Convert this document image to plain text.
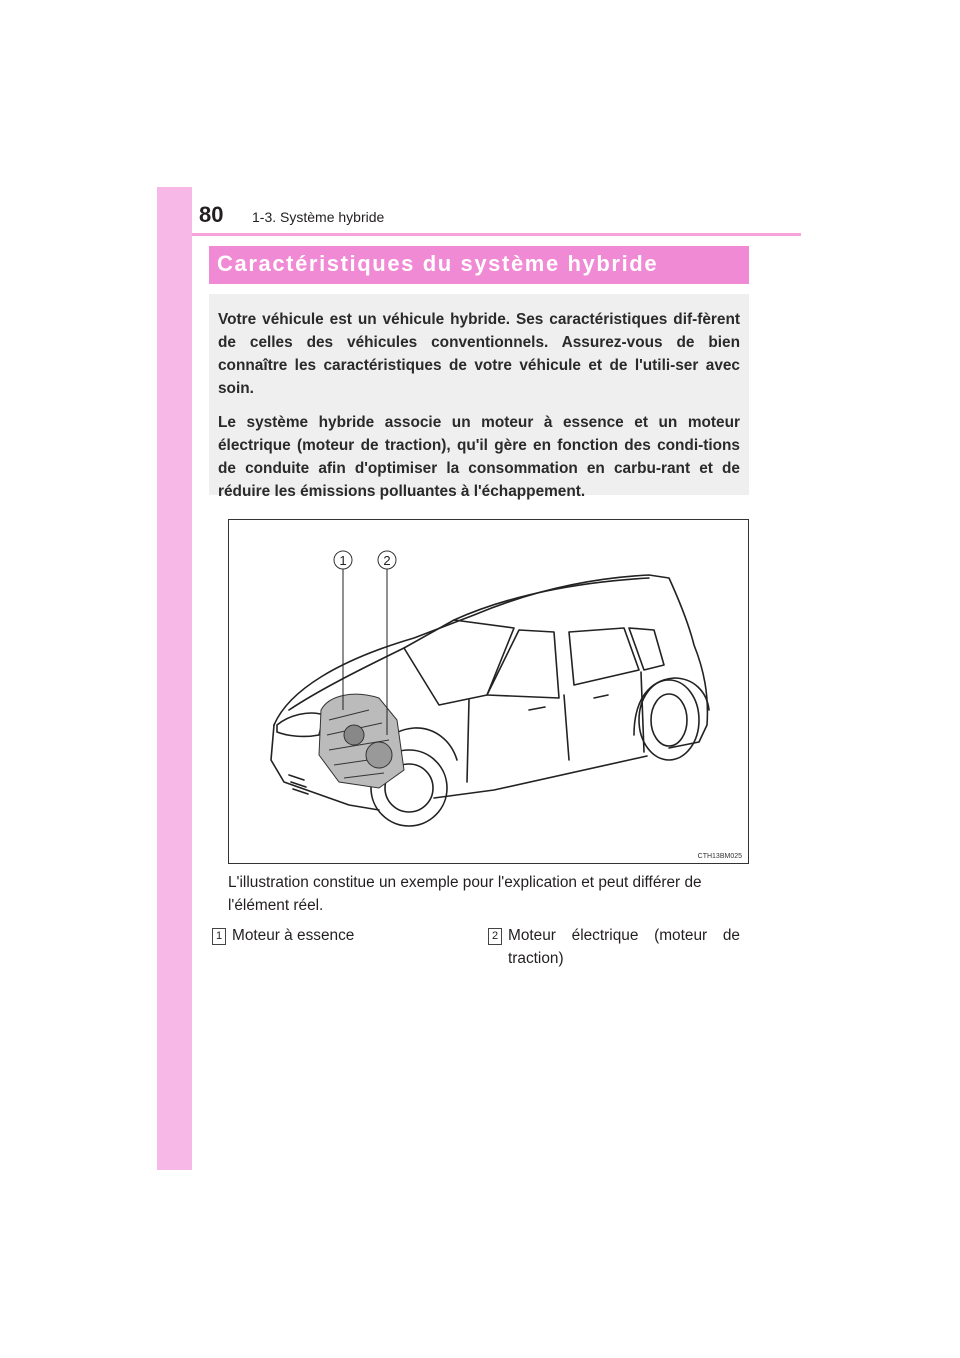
80 1-3. Système hybride
Caractéristiques du système hybride

Votre véhicule est un véhicule hybride. Ses caractéristiques dif-fèrent de celles des véhicules conventionnels. Assurez-vous de bien connaître les caractéristiques de votre véhicule et de l'utili-ser avec soin.

Le système hybride associe un moteur à essence et un moteur électrique (moteur de traction), qu'il gère en fonction des condi-tions de conduite afin d'optimiser la consommation en carbu-rant et de réduire les émissions polluantes à l'échappement.

1	2
CTH13BM025
L'illustration constitue un exemple pour l'explication et peut différer de l'élément réel.
1 Moteur à essence	2 Moteur électrique (moteur de traction)
